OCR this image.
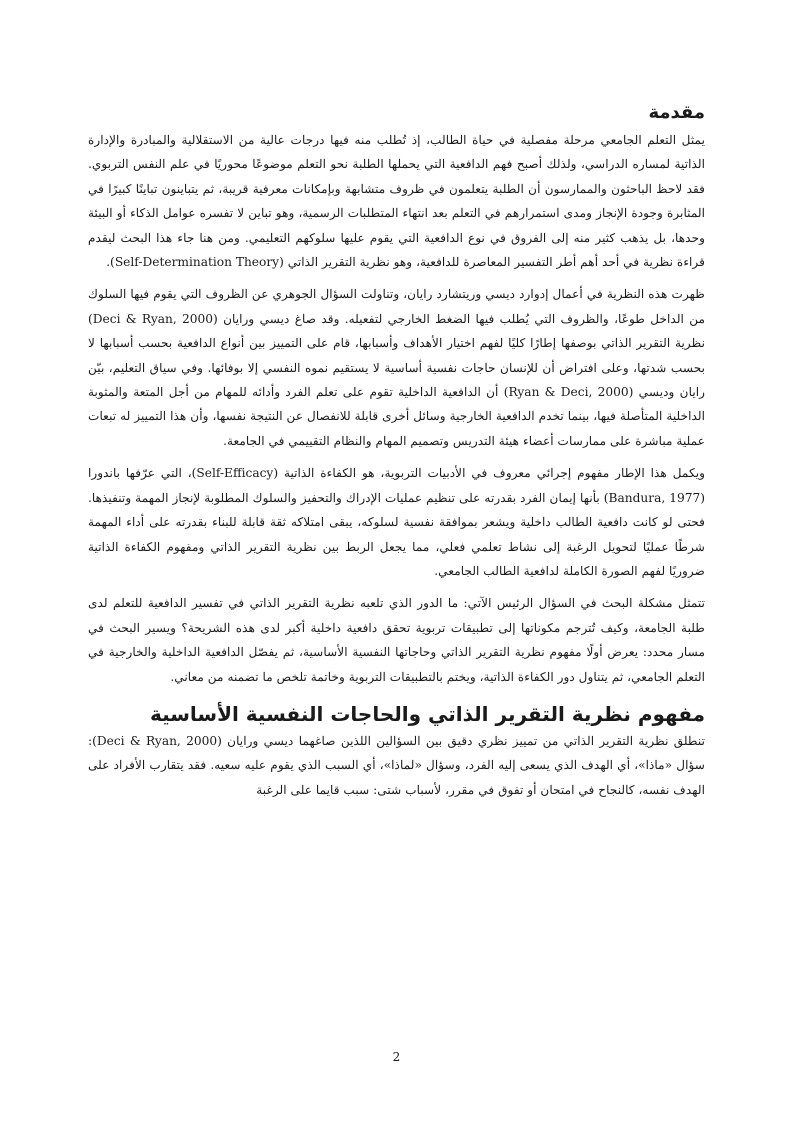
مقدمة

يمثل التعلم الجامعي مرحلة مفصلية في حياة الطالب، إذ تُطلب منه فيها درجات عالية من الاستقلالية والمبادرة والإدارة الذاتية لمساره الدراسي، ولذلك أصبح فهم الدافعية التي يحملها الطلبة نحو التعلم موضوعًا محوريًا في علم النفس التربوي. فقد لاحظ الباحثون والممارسون أن الطلبة يتعلمون في ظروف متشابهة وبإمكانات معرفية قريبة، ثم يتباينون تباينًا كبيرًا في المثابرة وجودة الإنجاز ومدى استمرارهم في التعلم بعد انتهاء المتطلبات الرسمية، وهو تباين لا تفسره عوامل الذكاء أو البيئة وحدها، بل يذهب كثير منه إلى الفروق في نوع الدافعية التي يقوم عليها سلوكهم التعليمي. ومن هنا جاء هذا البحث ليقدم قراءة نظرية في أحد أهم أطر التفسير المعاصرة للدافعية، وهو نظرية التقرير الذاتي (Self-Determination Theory).

ظهرت هذه النظرية في أعمال إدوارد ديسي وريتشارد رايان، وتناولت السؤال الجوهري عن الظروف التي يقوم فيها السلوك من الداخل طوعًا، والظروف التي يُطلب فيها الضغط الخارجي لتفعيله. وقد صاغ ديسي ورايان (Deci & Ryan, 2000) نظرية التقرير الذاتي بوصفها إطارًا كليًا لفهم اختيار الأهداف وأسبابها، قام على التمييز بين أنواع الدافعية بحسب أسبابها لا بحسب شدتها، وعلى افتراض أن للإنسان حاجات نفسية أساسية لا يستقيم نموه النفسي إلا بوفائها. وفي سياق التعليم، بيّن رايان وديسي (Ryan & Deci, 2000) أن الدافعية الداخلية تقوم على تعلم الفرد وأدائه للمهام من أجل المتعة والمثوبة الداخلية المتأصلة فيها، بينما تخدم الدافعية الخارجية وسائل أخرى قابلة للانفصال عن النتيجة نفسها، وأن هذا التمييز له تبعات عملية مباشرة على ممارسات أعضاء هيئة التدريس وتصميم المهام والنظام التقييمي في الجامعة.

ويكمل هذا الإطار مفهوم إجرائي معروف في الأدبيات التربوية، هو الكفاءة الذاتية (Self-Efficacy)، التي عرّفها باندورا (Bandura, 1977) بأنها إيمان الفرد بقدرته على تنظيم عمليات الإدراك والتحفيز والسلوك المطلوبة لإنجاز المهمة وتنفيذها. فحتى لو كانت دافعية الطالب داخلية ويشعر بموافقة نفسية لسلوكه، يبقى امتلاكه ثقة قابلة للبناء بقدرته على أداء المهمة شرطًا عمليًا لتحويل الرغبة إلى نشاط تعلمي فعلي، مما يجعل الربط بين نظرية التقرير الذاتي ومفهوم الكفاءة الذاتية ضروريًا لفهم الصورة الكاملة لدافعية الطالب الجامعي.

تتمثل مشكلة البحث في السؤال الرئيس الآتي: ما الدور الذي تلعبه نظرية التقرير الذاتي في تفسير الدافعية للتعلم لدى طلبة الجامعة، وكيف تُترجم مكوناتها إلى تطبيقات تربوية تحقق دافعية داخلية أكبر لدى هذه الشريحة؟ ويسير البحث في مسار محدد: يعرض أولًا مفهوم نظرية التقرير الذاتي وحاجاتها النفسية الأساسية، ثم يفصّل الدافعية الداخلية والخارجية في التعلم الجامعي، ثم يتناول دور الكفاءة الذاتية، ويختم بالتطبيقات التربوية وخاتمة تلخص ما تضمنه من معاني.

مفهوم نظرية التقرير الذاتي والحاجات النفسية الأساسية

تنطلق نظرية التقرير الذاتي من تمييز نظري دقيق بين السؤالين اللذين صاغهما ديسي ورايان (Deci & Ryan, 2000): سؤال «ماذا»، أي الهدف الذي يسعى إليه الفرد، وسؤال «لماذا»، أي السبب الذي يقوم عليه سعيه. فقد يتقارب الأفراد على الهدف نفسه، كالنجاح في امتحان أو تفوق في مقرر، لأسباب شتى: سبب قايما على الرغبة

2
